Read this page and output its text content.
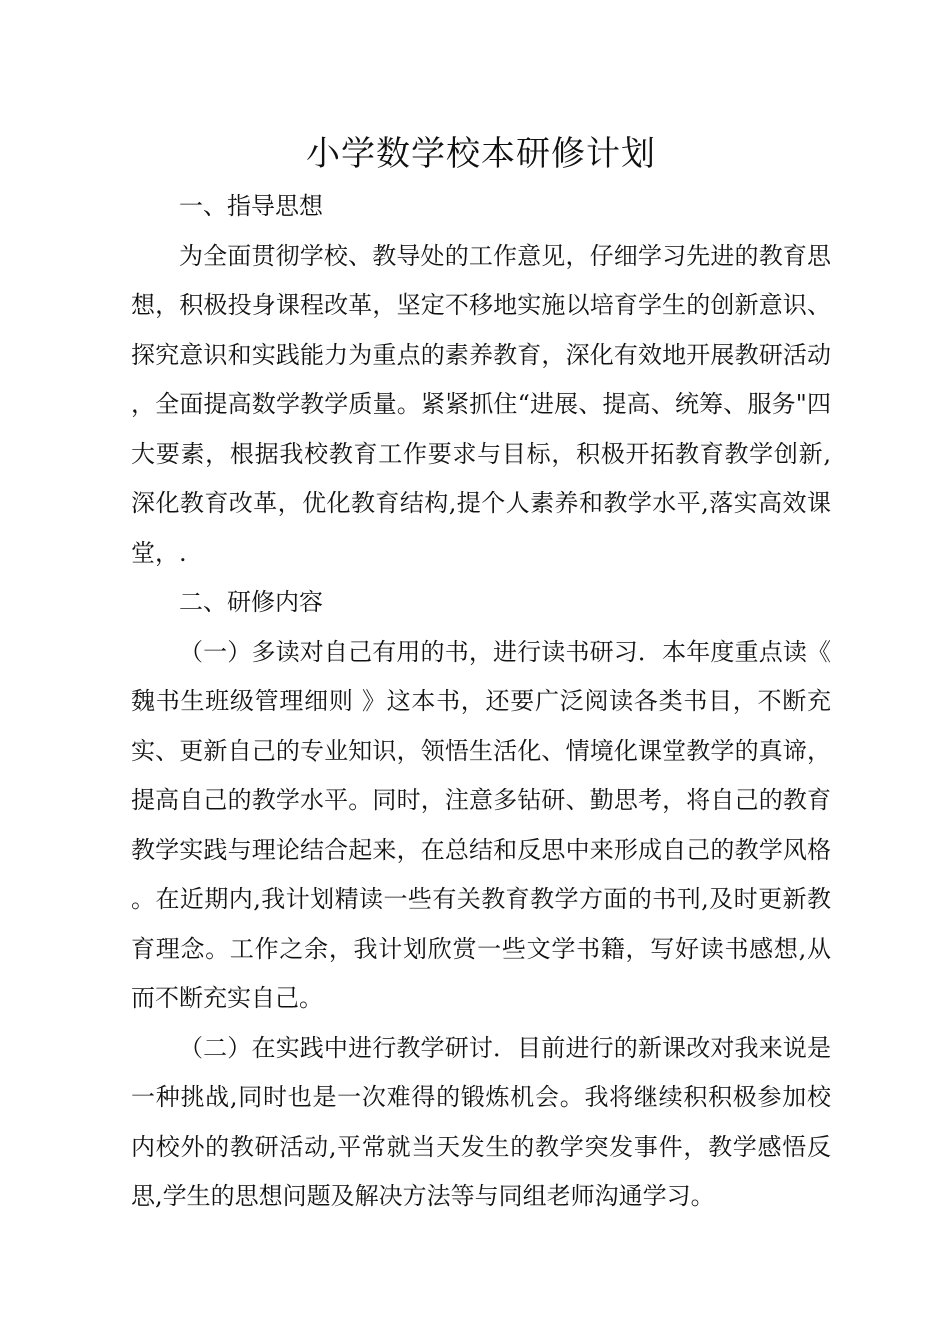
小学数学校本研修计划
一、指导思想

为全面贯彻学校、教导处的工作意见，仔细学习先进的教育思想，积极投身课程改革，坚定不移地实施以培育学生的创新意识、探究意识和实践能力为重点的素养教育，深化有效地开展教研活动，全面提高数学教学质量。紧紧抓住“进展、提高、统筹、服务"四大要素，根据我校教育工作要求与目标，积极开拓教育教学创新,深化教育改革，优化教育结构,提个人素养和教学水平,落实高效课堂，.

二、研修内容

（一）多读对自己有用的书，进行读书研习．本年度重点读《魏书生班级管理细则 》这本书，还要广泛阅读各类书目，不断充实、更新自己的专业知识，领悟生活化、情境化课堂教学的真谛，提高自己的教学水平。同时，注意多钻研、勤思考，将自己的教育教学实践与理论结合起来，在总结和反思中来形成自己的教学风格。在近期内,我计划精读一些有关教育教学方面的书刊,及时更新教育理念。工作之余，我计划欣赏一些文学书籍，写好读书感想,从而不断充实自己。

（二）在实践中进行教学研讨．目前进行的新课改对我来说是一种挑战,同时也是一次难得的锻炼机会。我将继续积积极参加校内校外的教研活动,平常就当天发生的教学突发事件，教学感悟反思,学生的思想问题及解决方法等与同组老师沟通学习。
